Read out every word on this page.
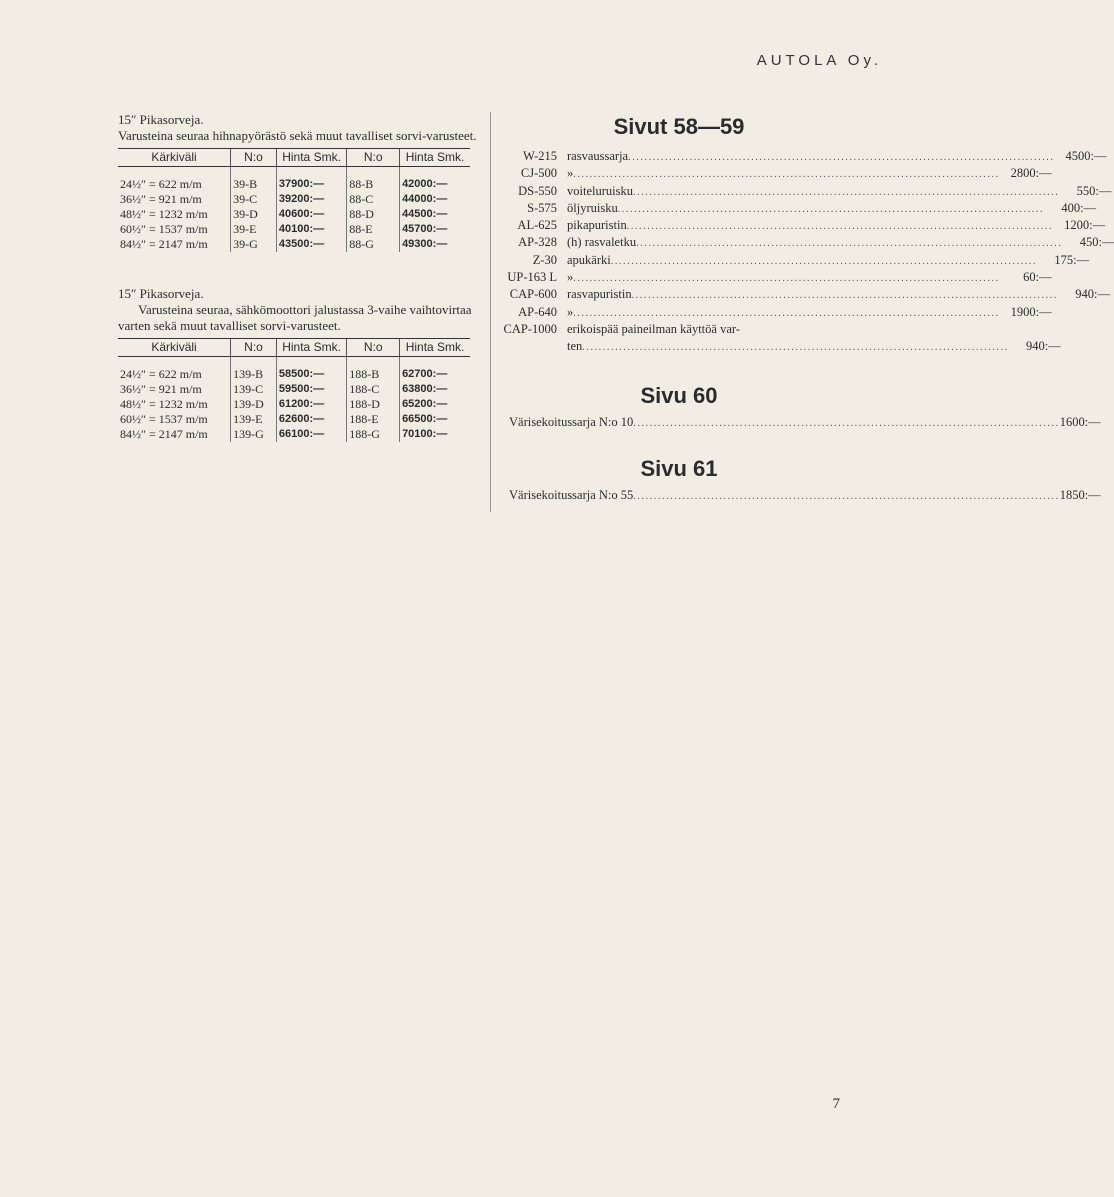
AUTOLA Oy.

15″ Pikasorveja.

Varusteina seuraa hihnapyörästö sekä muut tavalliset sorvi-varusteet.

Kärkiväli	N:o	Hinta Smk.	N:o	Hinta Smk.
24½″ = 622 m/m	39-B	37900:—	88-B	42000:—
36½″ = 921 m/m	39-C	39200:—	88-C	44000:—
48½″ = 1232 m/m	39-D	40600:—	88-D	44500:—
60½″ = 1537 m/m	39-E	40100:—	88-E	45700:—
84½″ = 2147 m/m	39-G	43500:—	88-G	49300:—

15″ Pikasorveja.

Varusteina seuraa, sähkömoottori jalustassa 3-vaihe vaihtovirtaa varten sekä muut tavalliset sorvi-varusteet.

Kärkiväli	N:o	Hinta Smk.	N:o	Hinta Smk.
24½″ = 622 m/m	139-B	58500:—	188-B	62700:—
36½″ = 921 m/m	139-C	59500:—	188-C	63800:—
48½″ = 1232 m/m	139-D	61200:—	188-D	65200:—
60½″ = 1537 m/m	139-E	62600:—	188-E	66500:—
84½″ = 2147 m/m	139-G	66100:—	188-G	70100:—
Sivut 58—59
W-215 rasvaussarja .....	4500:—
CJ-500 » .....	2800:—
DS-550 voiteluruisku .....	550:—
S-575 öljyruisku .....	400:—
AL-625 pikapuristin .....	1200:—
AP-328 (h) rasvaletku .....	450:—
Z-30 apukärki .....	175:—
UP-163 L » .....	60:—
CAP-600 rasvapuristin .....	940:—
AP-640 » .....	1900:—
CAP-1000 erikoispää paineilman käyttöä var-
ten .....	940:—
Sivu 60
Värisekoitussarja N:o 10 .....	1600:—
Sivu 61
Värisekoitussarja N:o 55 .....	1850:—
7
